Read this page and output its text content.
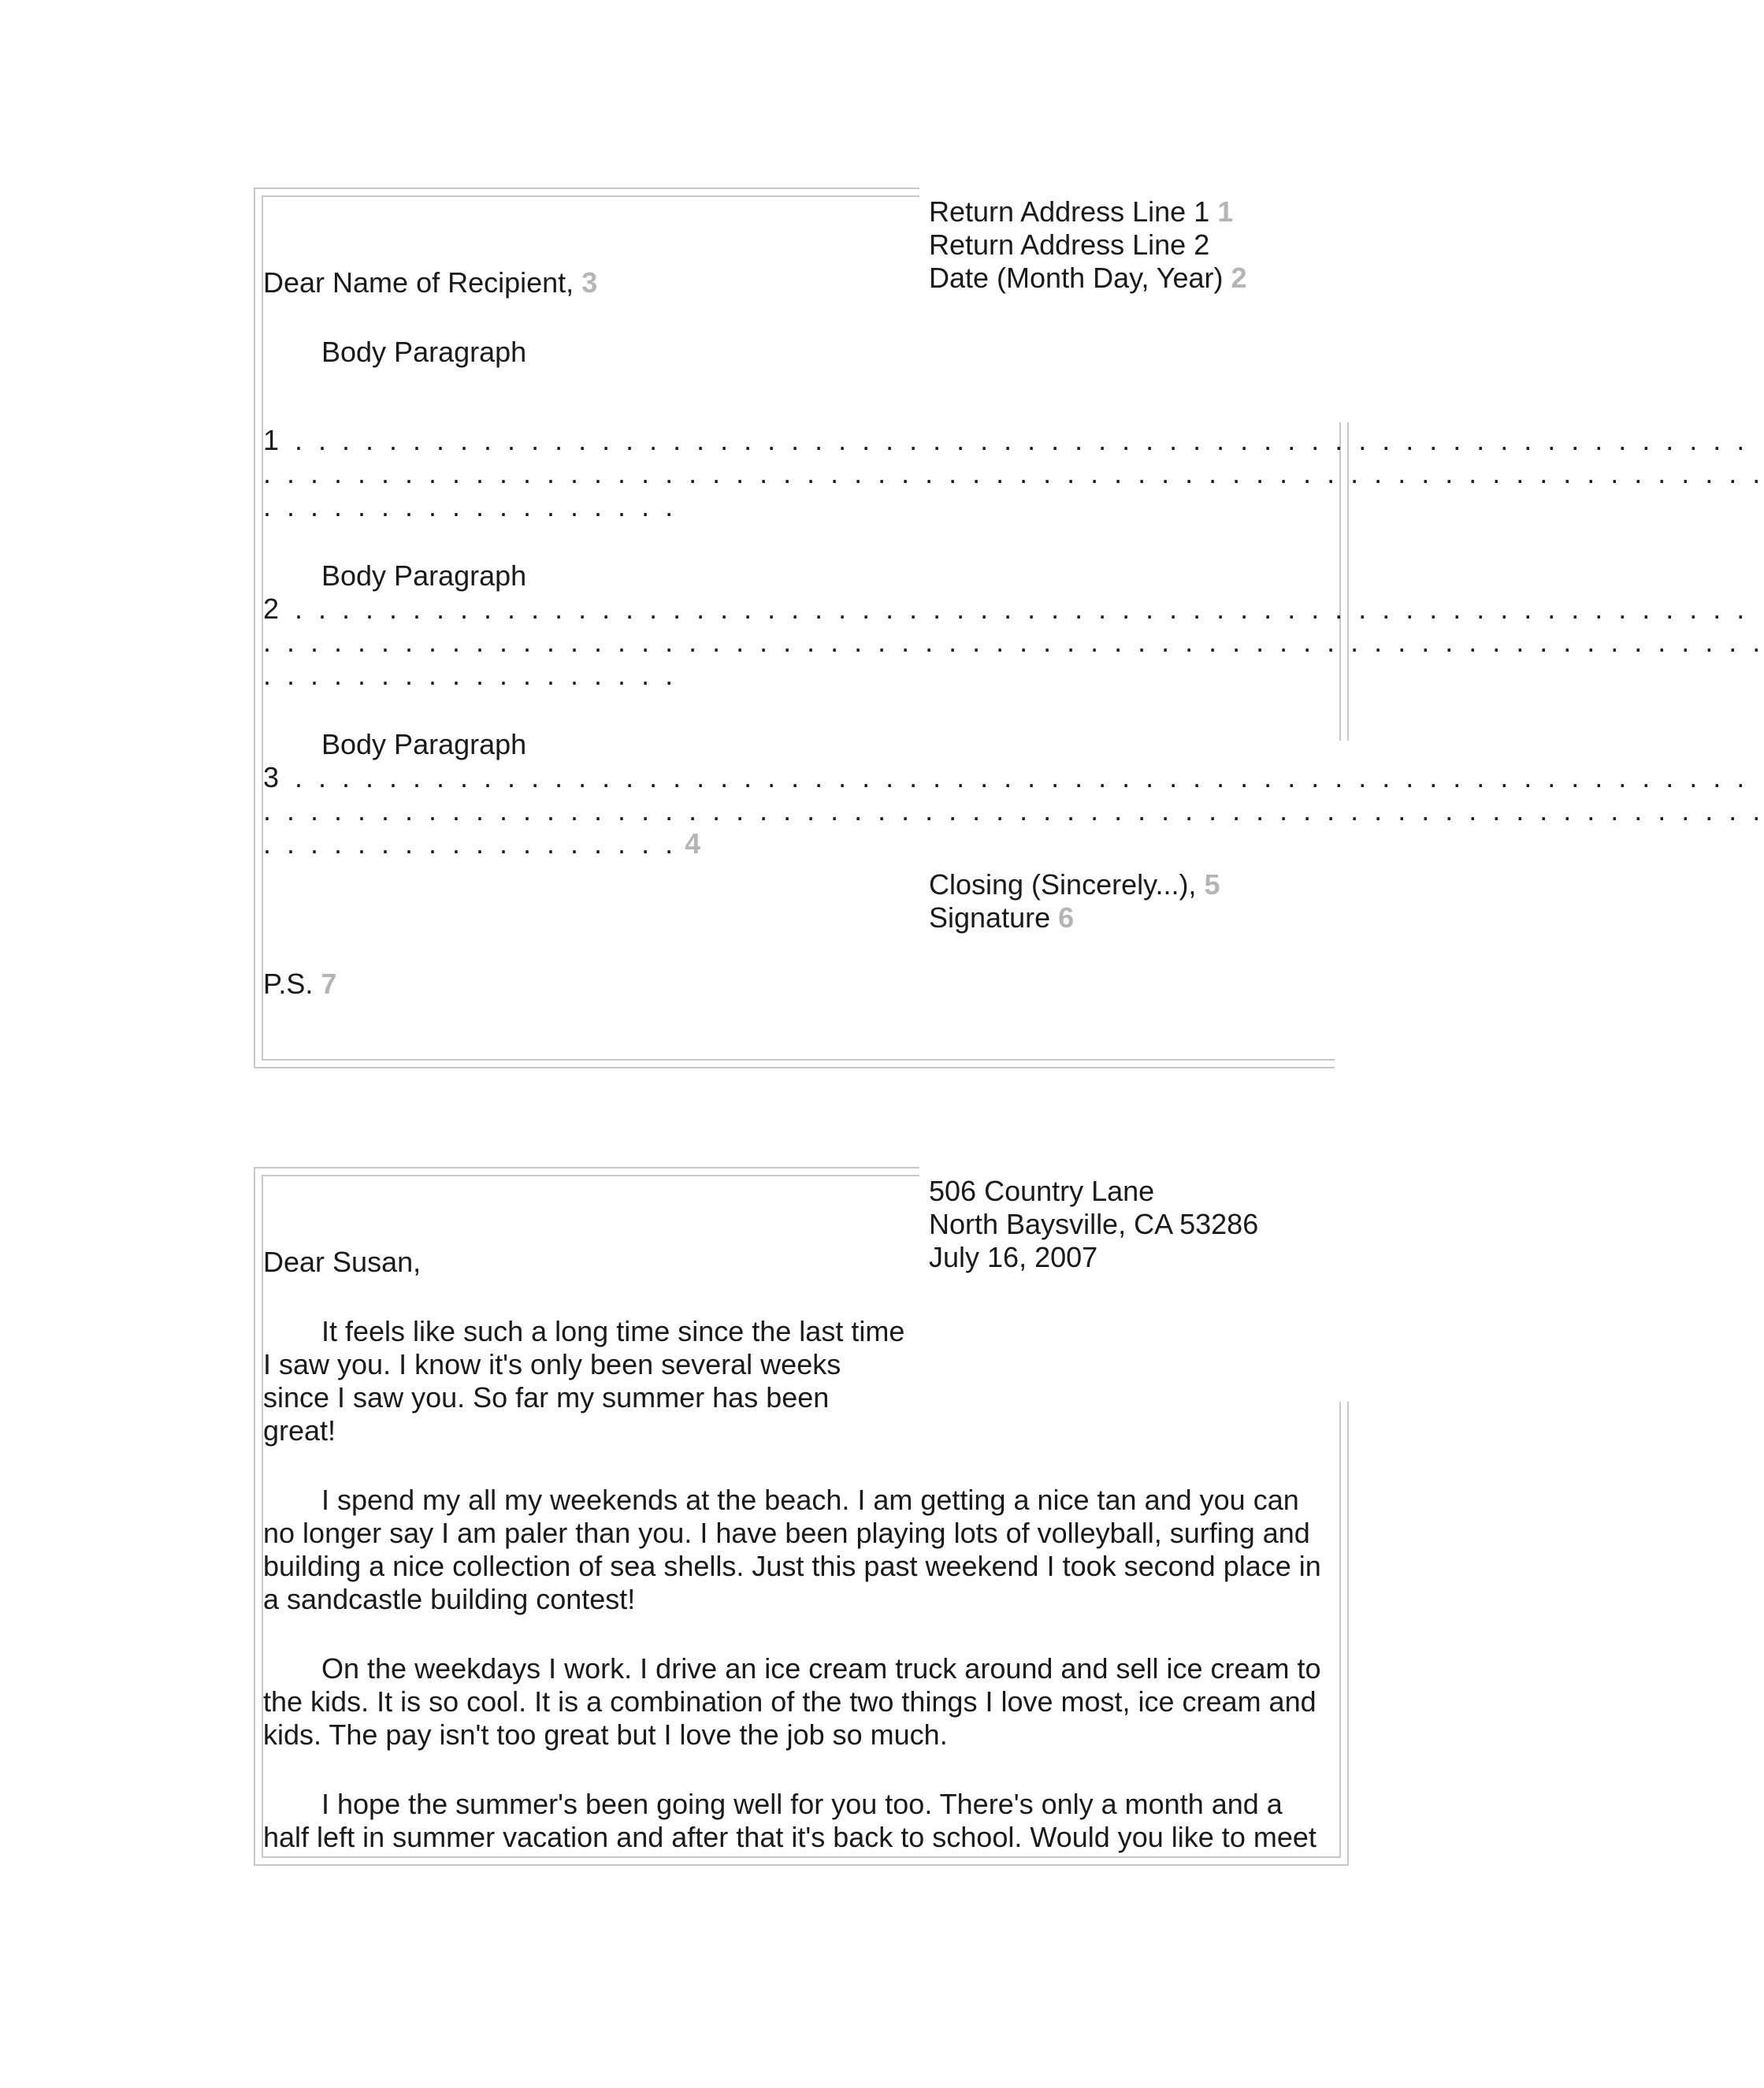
Return Address Line 1 1
Return Address Line 2
Date (Month Day, Year) 2
Dear Name of Recipient, 3
Body Paragraph
1 . . . . . . . . . . . . . . . . . . . . . . . . . . . . . . . . . . . . . . . . . . . . . . . . . . . . . . . . . . . . . .
. . . . . . . . . . . . . . . . . . . . . . . . . . . . . . . . . . . . . . . . . . . . . . . . . . . . . . . . . . . . . . . .
. . . . . . . . . . . . . . . . . .
Body Paragraph
2 . . . . . . . . . . . . . . . . . . . . . . . . . . . . . . . . . . . . . . . . . . . . . . . . . . . . . . . . . . . . . .
. . . . . . . . . . . . . . . . . . . . . . . . . . . . . . . . . . . . . . . . . . . . . . . . . . . . . . . . . . . . . . . .
. . . . . . . . . . . . . . . . . .
Body Paragraph
3 . . . . . . . . . . . . . . . . . . . . . . . . . . . . . . . . . . . . . . . . . . . . . . . . . . . . . . . . . . . . . .
. . . . . . . . . . . . . . . . . . . . . . . . . . . . . . . . . . . . . . . . . . . . . . . . . . . . . . . . . . . . . . . .
. . . . . . . . . . . . . . . . . . 4
Closing (Sincerely...), 5
Signature 6
P.S. 7
506 Country Lane
North Baysville, CA 53286
July 16, 2007
Dear Susan,
It feels like such a long time since the last time
I saw you. I know it's only been several weeks
since I saw you. So far my summer has been
great!
I spend my all my weekends at the beach. I am getting a nice tan and you can
no longer say I am paler than you. I have been playing lots of volleyball, surfing and
building a nice collection of sea shells. Just this past weekend I took second place in
a sandcastle building contest!
On the weekdays I work. I drive an ice cream truck around and sell ice cream to
the kids. It is so cool. It is a combination of the two things I love most, ice cream and
kids. The pay isn't too great but I love the job so much.
I hope the summer's been going well for you too. There's only a month and a
half left in summer vacation and after that it's back to school. Would you like to meet
